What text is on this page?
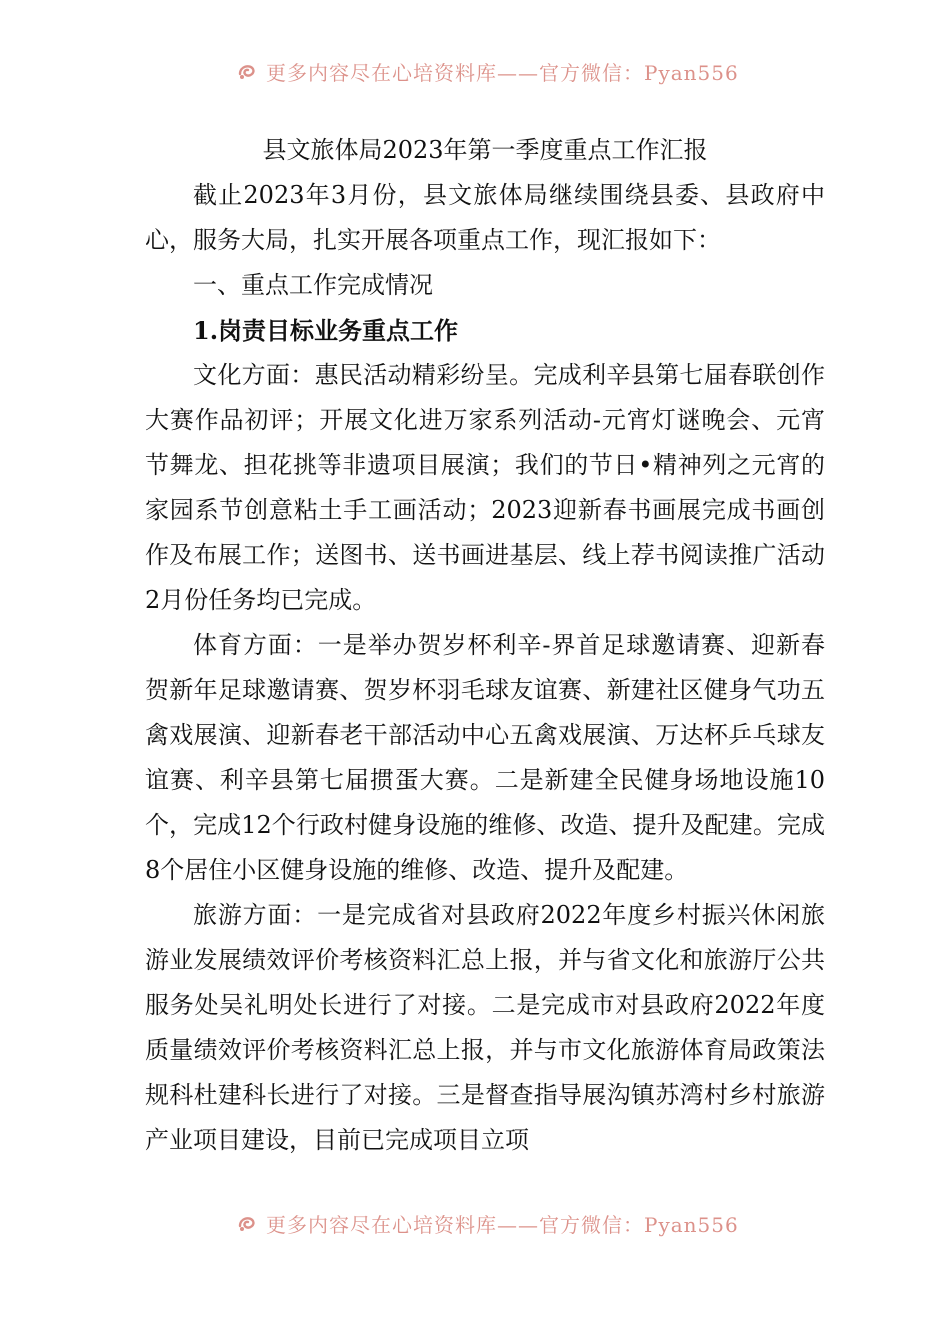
更多内容尽在心培资料库——官方微信：Pyan556

县文旅体局2023年第一季度重点工作汇报

截止2023年3月份，县文旅体局继续围绕县委、县政府中心，服务大局，扎实开展各项重点工作，现汇报如下：

一、重点工作完成情况

1.岗责目标业务重点工作

文化方面：惠民活动精彩纷呈。完成利辛县第七届春联创作大赛作品初评；开展文化进万家系列活动-元宵灯谜晚会、元宵节舞龙、担花挑等非遗项目展演；我们的节日•精神列之元宵的家园系节创意粘土手工画活动；2023迎新春书画展完成书画创作及布展工作；送图书、送书画进基层、线上荐书阅读推广活动2月份任务均已完成。

体育方面：一是举办贺岁杯利辛-界首足球邀请赛、迎新春贺新年足球邀请赛、贺岁杯羽毛球友谊赛、新建社区健身气功五禽戏展演、迎新春老干部活动中心五禽戏展演、万达杯乒乓球友谊赛、利辛县第七届掼蛋大赛。二是新建全民健身场地设施10个，完成12个行政村健身设施的维修、改造、提升及配建。完成8个居住小区健身设施的维修、改造、提升及配建。

旅游方面：一是完成省对县政府2022年度乡村振兴休闲旅游业发展绩效评价考核资料汇总上报，并与省文化和旅游厅公共服务处吴礼明处长进行了对接。二是完成市对县政府2022年度质量绩效评价考核资料汇总上报，并与市文化旅游体育局政策法规科杜建科长进行了对接。三是督查指导展沟镇苏湾村乡村旅游产业项目建设，目前已完成项目立项

更多内容尽在心培资料库——官方微信：Pyan556
